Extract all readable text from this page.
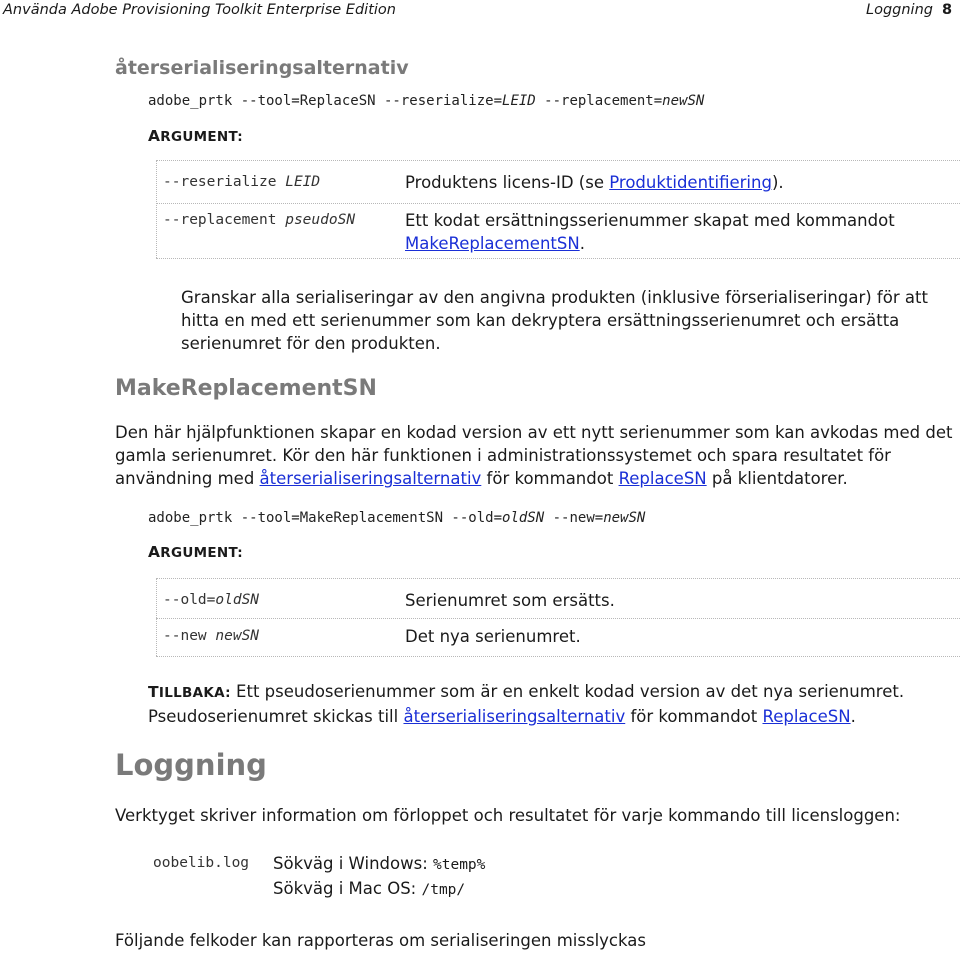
Använda Adobe Provisioning Toolkit Enterprise Edition	Loggning 8
återserialiseringsalternativ
adobe_prtk --tool=ReplaceSN --reserialize=LEID --replacement=newSN
ARGUMENT:
--reserialize LEID	Produktens licens-ID (se Produktidentifiering).
--replacement pseudoSN	Ett kodat ersättningsserienummer skapat med kommandot
MakeReplacementSN.
Granskar alla serialiseringar av den angivna produkten (inklusive förserialiseringar) för att hitta en med ett serienummer som kan dekryptera ersättningsserienumret och ersätta serienumret för den produkten.
MakeReplacementSN
Den här hjälpfunktionen skapar en kodad version av ett nytt serienummer som kan avkodas med det gamla serienumret. Kör den här funktionen i administrationssystemet och spara resultatet för användning med återserialiseringsalternativ för kommandot ReplaceSN på klientdatorer.
adobe_prtk --tool=MakeReplacementSN --old=oldSN --new=newSN
ARGUMENT:
--old=oldSN	Serienumret som ersätts.
--new newSN	Det nya serienumret.
TILLBAKA: Ett pseudoserienummer som är en enkelt kodad version av det nya serienumret.
Pseudoserienumret skickas till återserialiseringsalternativ för kommandot ReplaceSN.
Loggning
Verktyget skriver information om förloppet och resultatet för varje kommando till licensloggen:
oobelib.log Sökväg i Windows: %temp%
Sökväg i Mac OS: /tmp/
Följande felkoder kan rapporteras om serialiseringen misslyckas
